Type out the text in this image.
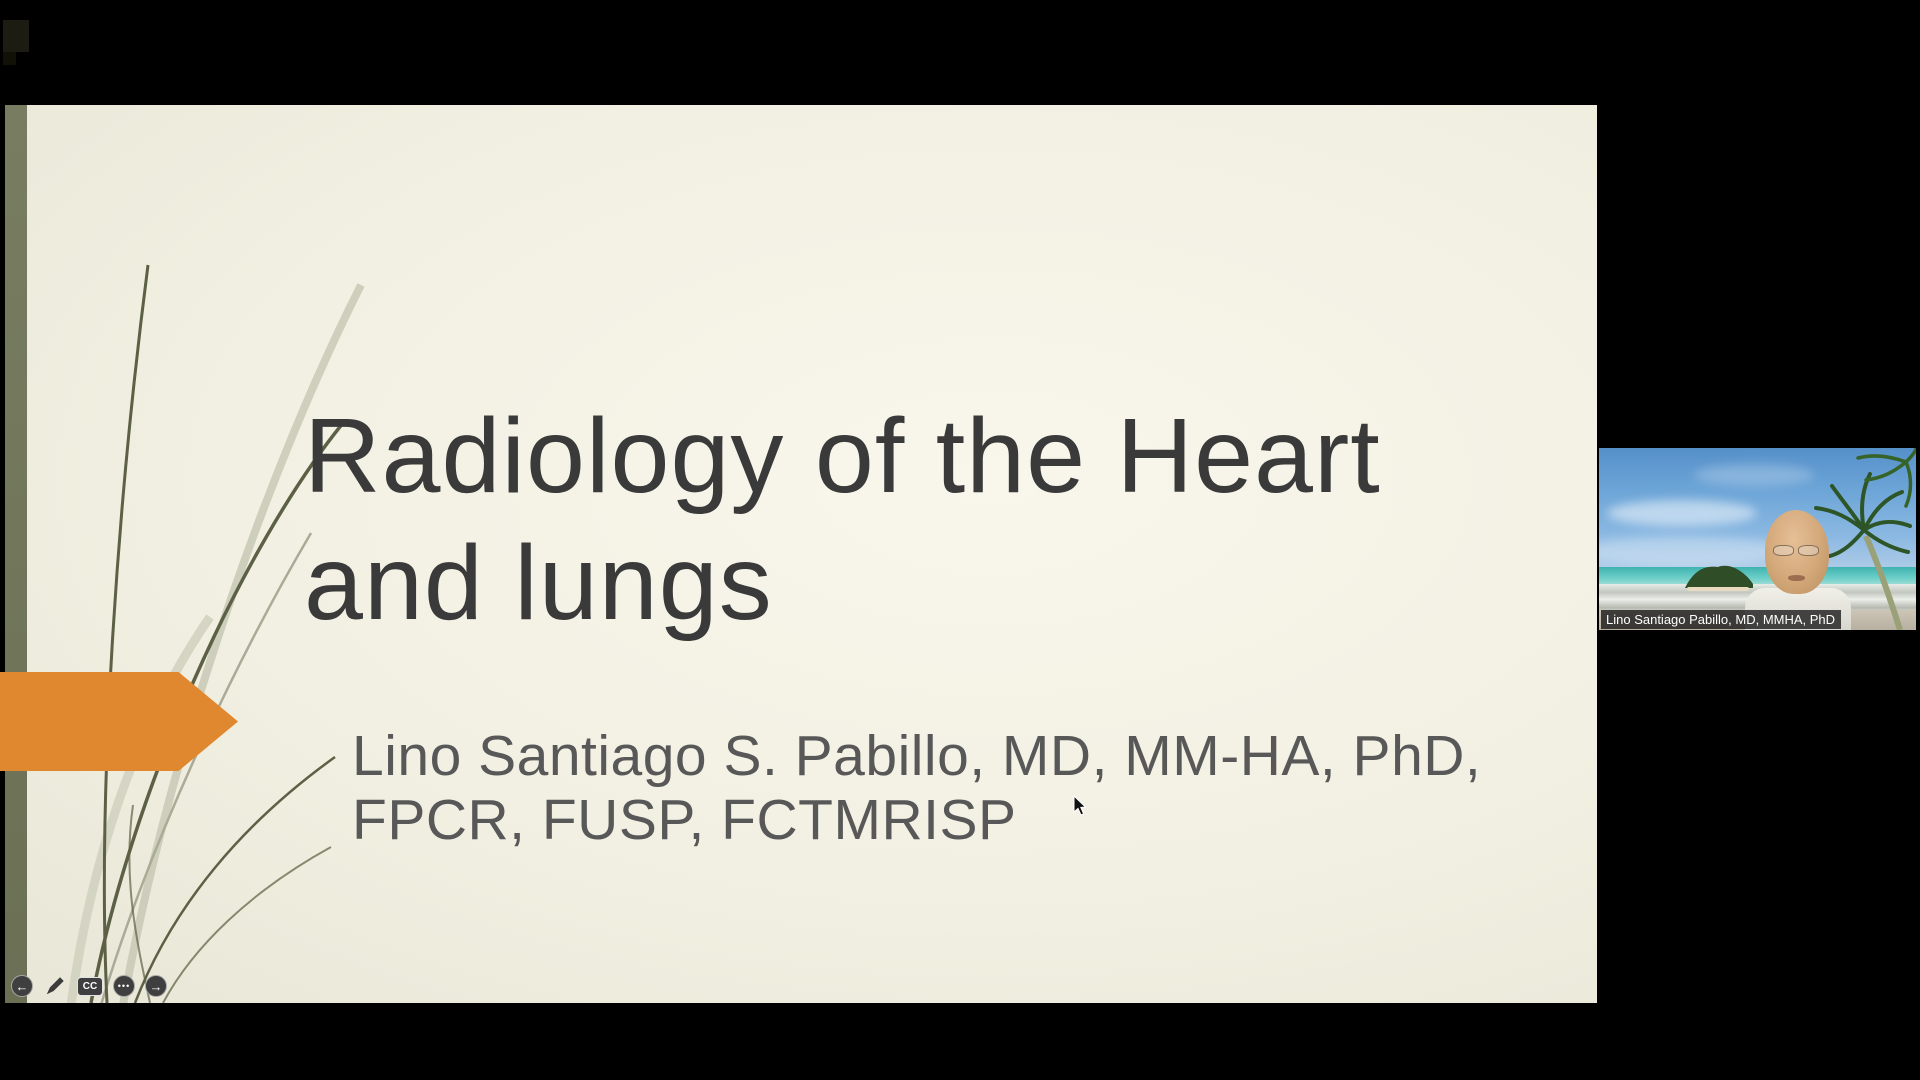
Radiology of the Heart
and lungs
Lino Santiago S. Pabillo, MD, MM-HA, PhD,
FPCR, FUSP, FCTMRISP
←	CC ••• →
Lino Santiago Pabillo, MD, MMHA, PhD
